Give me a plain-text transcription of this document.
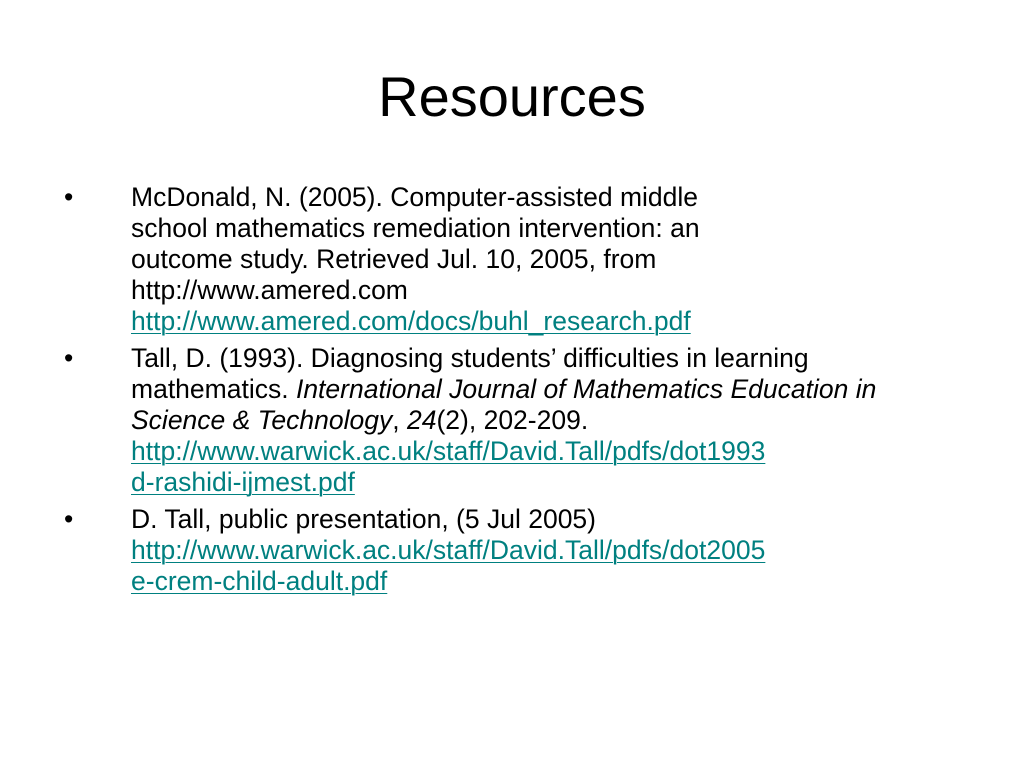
Resources
• McDonald, N. (2005). Computer-assisted middle
school mathematics remediation intervention: an
outcome study. Retrieved Jul. 10, 2005, from
http://www.amered.com
http://www.amered.com/docs/buhl_research.pdf
• Tall, D. (1993). Diagnosing students’ difficulties in learning mathematics. International Journal of Mathematics Education in Science & Technology, 24(2), 202-209.
http://www.warwick.ac.uk/staff/David.Tall/pdfs/dot1993
d-rashidi-ijmest.pdf
• D. Tall, public presentation, (5 Jul 2005)
http://www.warwick.ac.uk/staff/David.Tall/pdfs/dot2005
e-crem-child-adult.pdf
